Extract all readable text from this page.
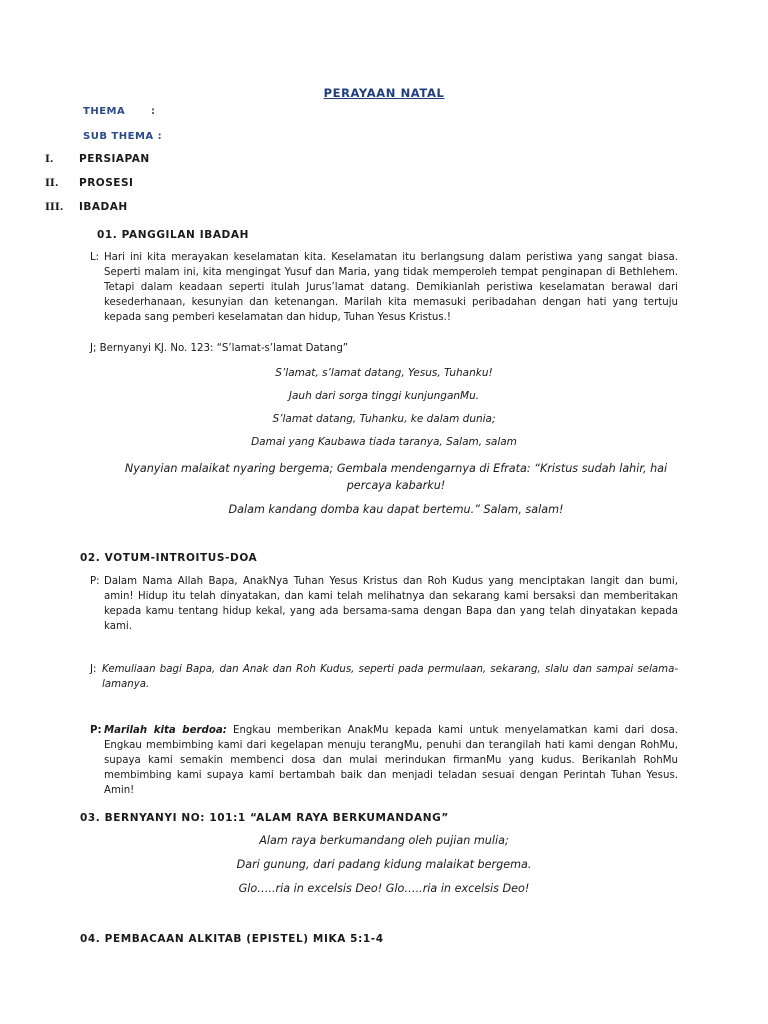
PERAYAAN NATAL
THEMA	:
SUB THEMA :
I. PERSIAPAN
II. PROSESI
III. IBADAH
01. PANGGILAN IBADAH
L: Hari ini kita merayakan keselamatan kita. Keselamatan itu berlangsung dalam peristiwa yang sangat biasa. Seperti malam ini, kita mengingat Yusuf dan Maria, yang tidak memperoleh tempat penginapan di Bethlehem. Tetapi dalam keadaan seperti itulah Jurus’lamat datang. Demikianlah peristiwa keselamatan berawal dari kesederhanaan, kesunyian dan ketenangan. Marilah kita memasuki peribadahan dengan hati yang tertuju kepada sang pemberi keselamatan dan hidup, Tuhan Yesus Kristus.!
J; Bernyanyi KJ. No. 123: “S’lamat-s’lamat Datang”
S’lamat, s’lamat datang, Yesus, Tuhanku!
Jauh dari sorga tinggi kunjunganMu.
S’lamat datang, Tuhanku, ke dalam dunia;
Damai yang Kaubawa tiada taranya, Salam, salam
Nyanyian malaikat nyaring bergema; Gembala mendengarnya di Efrata: “Kristus sudah lahir, hai percaya kabarku!
Dalam kandang domba kau dapat bertemu.” Salam, salam!
02. VOTUM-INTROITUS-DOA
P: Dalam Nama Allah Bapa, AnakNya Tuhan Yesus Kristus dan Roh Kudus yang menciptakan langit dan bumi, amin! Hidup itu telah dinyatakan, dan kami telah melihatnya dan sekarang kami bersaksi dan memberitakan kepada kamu tentang hidup kekal, yang ada bersama-sama dengan Bapa dan yang telah dinyatakan kepada kami.
J: Kemuliaan bagi Bapa, dan Anak dan Roh Kudus, seperti pada permulaan, sekarang, slalu dan sampai selama-lamanya.
P: Marilah kita berdoa: Engkau memberikan AnakMu kepada kami untuk menyelamatkan kami dari dosa. Engkau membimbing kami dari kegelapan menuju terangMu, penuhi dan terangilah hati kami dengan RohMu, supaya kami semakin membenci dosa dan mulai merindukan firmanMu yang kudus. Berikanlah RohMu membimbing kami supaya kami bertambah baik dan menjadi teladan sesuai dengan Perintah Tuhan Yesus. Amin!
03. BERNYANYI NO: 101:1 “ALAM RAYA BERKUMANDANG”
Alam raya berkumandang oleh pujian mulia;
Dari gunung, dari padang kidung malaikat bergema.
Glo…..ria in excelsis Deo! Glo…..ria in excelsis Deo!
04. PEMBACAAN ALKITAB (EPISTEL) MIKA 5:1-4
